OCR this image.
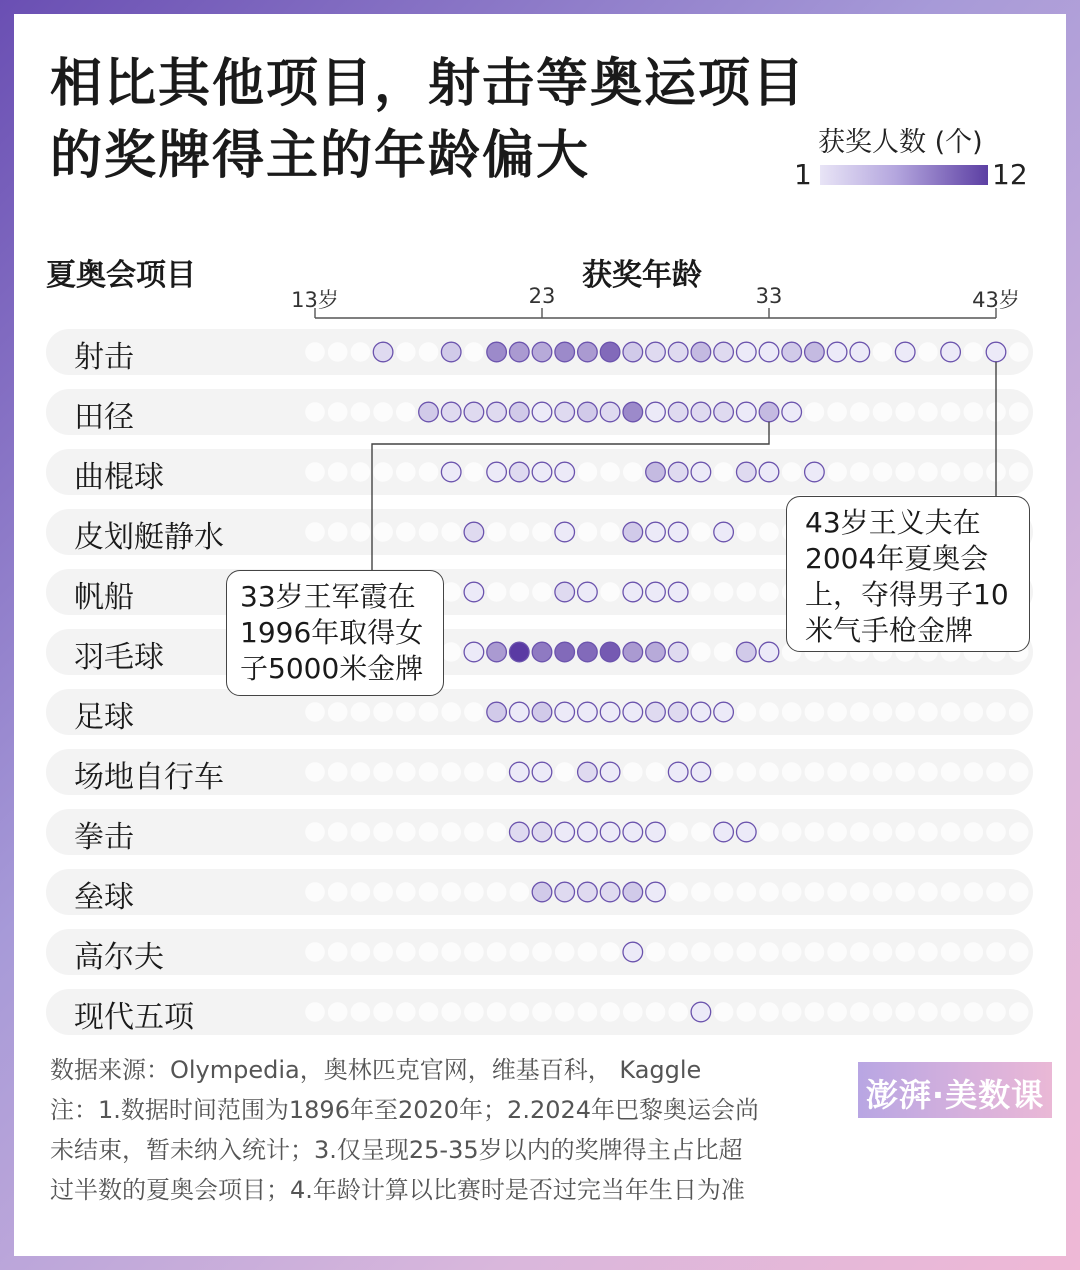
相比其他项目，射击等奥运项目
的奖牌得主的年龄偏大	获奖人数 (个)
1	12
夏奥会项目	获奖年龄
13岁	23	33	43岁
射击
田径
曲棍球
皮划艇静水
帆船
羽毛球
足球
场地自行车
拳击
垒球
高尔夫
现代五项
33岁王军霞在
1996年取得女
子5000米金牌
43岁王义夫在
2004年夏奥会
上，夺得男子10
米气手枪金牌
数据来源：Olympedia，奥林匹克官网，维基百科， Kaggle
注：1.数据时间范围为1896年至2020年；2.2024年巴黎奥运会尚
未结束，暂未纳入统计；3.仅呈现25-35岁以内的奖牌得主占比超
过半数的夏奥会项目；4.年龄计算以比赛时是否过完当年生日为准
澎湃·美数课
